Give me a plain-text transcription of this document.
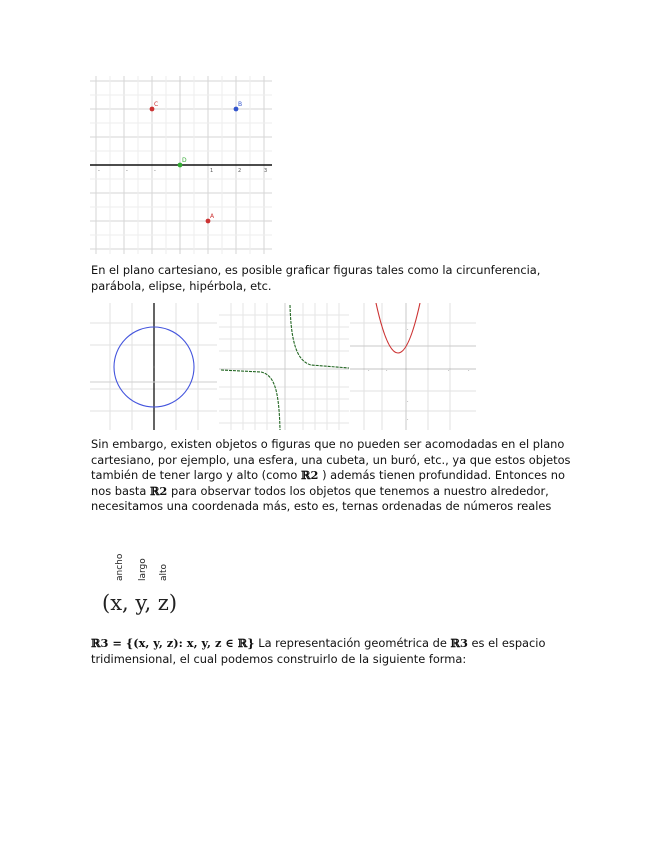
-	-	-	1	2	3
C	B
D
A

En el plano cartesiano, es posible graficar figuras tales como la circunferencia, parábola, elipse, hipérbola, etc.

·	·	·	·
·
·
·

Sin embargo, existen objetos o figuras que no pueden ser acomodadas en el plano cartesiano, por ejemplo, una esfera, una cubeta, un buró, etc., ya que estos objetos también de tener largo y alto (como ℝ2 ) además tienen profundidad. Entonces no nos basta ℝ2 para observar todos los objetos que tenemos a nuestro alrededor, necesitamos una coordenada más, esto es, ternas ordenadas de números reales

ancho largo alto
(x, y, z)

ℝ3 = {(x, y, z): x, y, z ∈ ℝ} La representación geométrica de ℝ3 es el espacio tridimensional, el cual podemos construirlo de la siguiente forma:
